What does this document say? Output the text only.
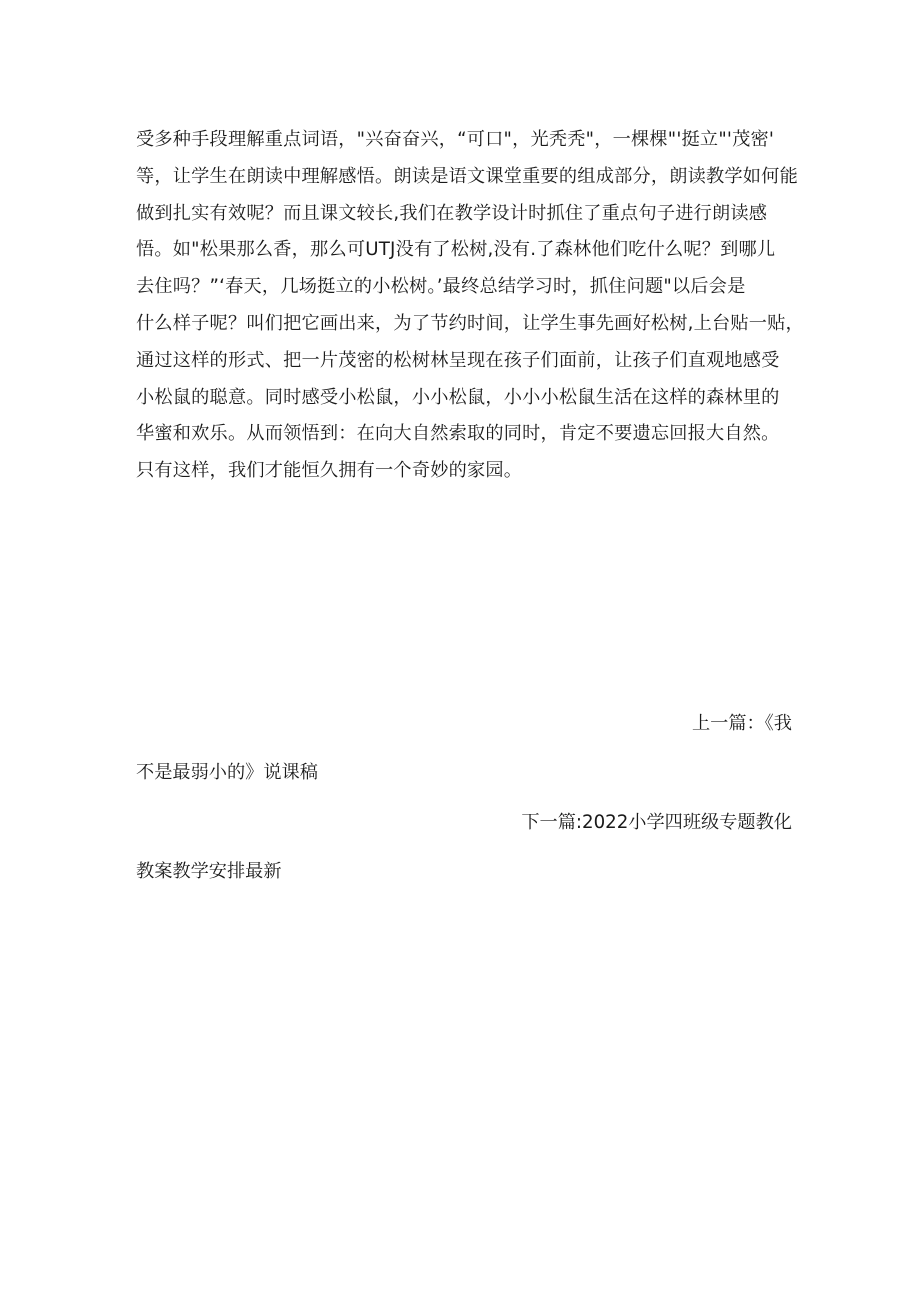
受多种手段理解重点词语，"兴奋奋兴，“可口"，光秃秃"，一棵棵"'挺立"'茂密'
等，让学生在朗读中理解感悟。朗读是语文课堂重要的组成部分，朗读教学如何能
做到扎实有效呢？而且课文较长,我们在教学设计时抓住了重点句子进行朗读感
悟。如"松果那么香，那么可UTJ没有了松树,没有.了森林他们吃什么呢？到哪儿
去住吗？”‘春天，几场挺立的小松树。’最终总结学习时，抓住问题"以后会是
什么样子呢？叫们把它画出来，为了节约时间，让学生事先画好松树,上台贴一贴，
通过这样的形式、把一片茂密的松树林呈现在孩子们面前，让孩子们直观地感受
小松鼠的聪意。同时感受小松鼠，小小松鼠，小小小松鼠生活在这样的森林里的
华蜜和欢乐。从而领悟到：在向大自然索取的同时，肯定不要遗忘回报大自然。
只有这样，我们才能恒久拥有一个奇妙的家园。
上一篇：《我
不是最弱小的》说课稿
下一篇:2022小学四班级专题教化
教案教学安排最新
